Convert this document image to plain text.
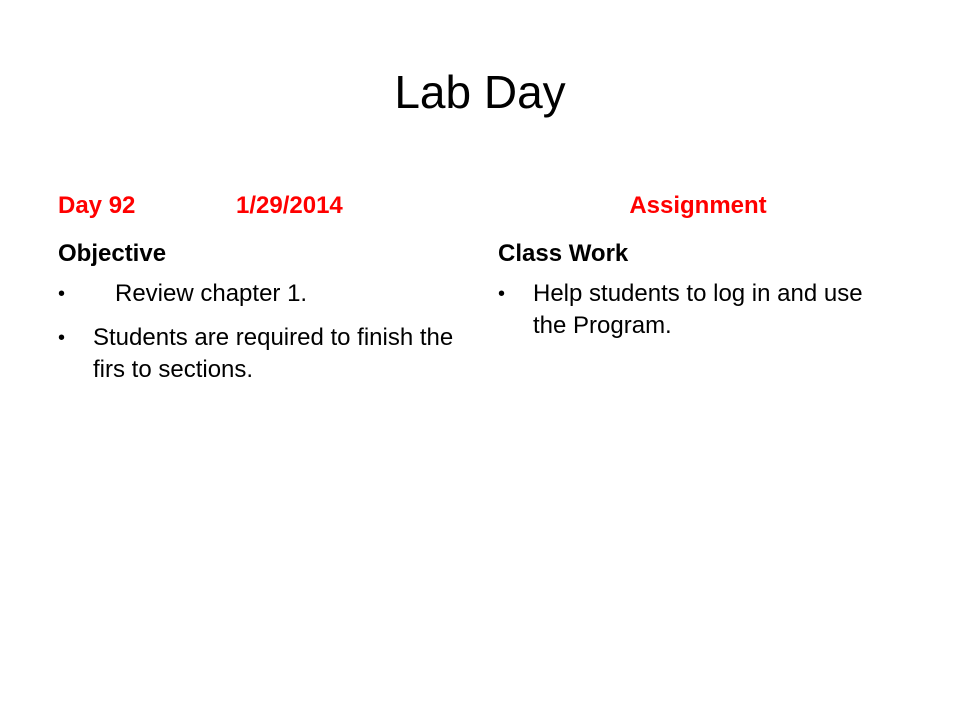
Lab Day
Day 92	1/29/2014
Objective
• Review chapter 1.
• Students are required to finish the firs to sections.
Assignment
Class Work
• Help students to log in and use the Program.
